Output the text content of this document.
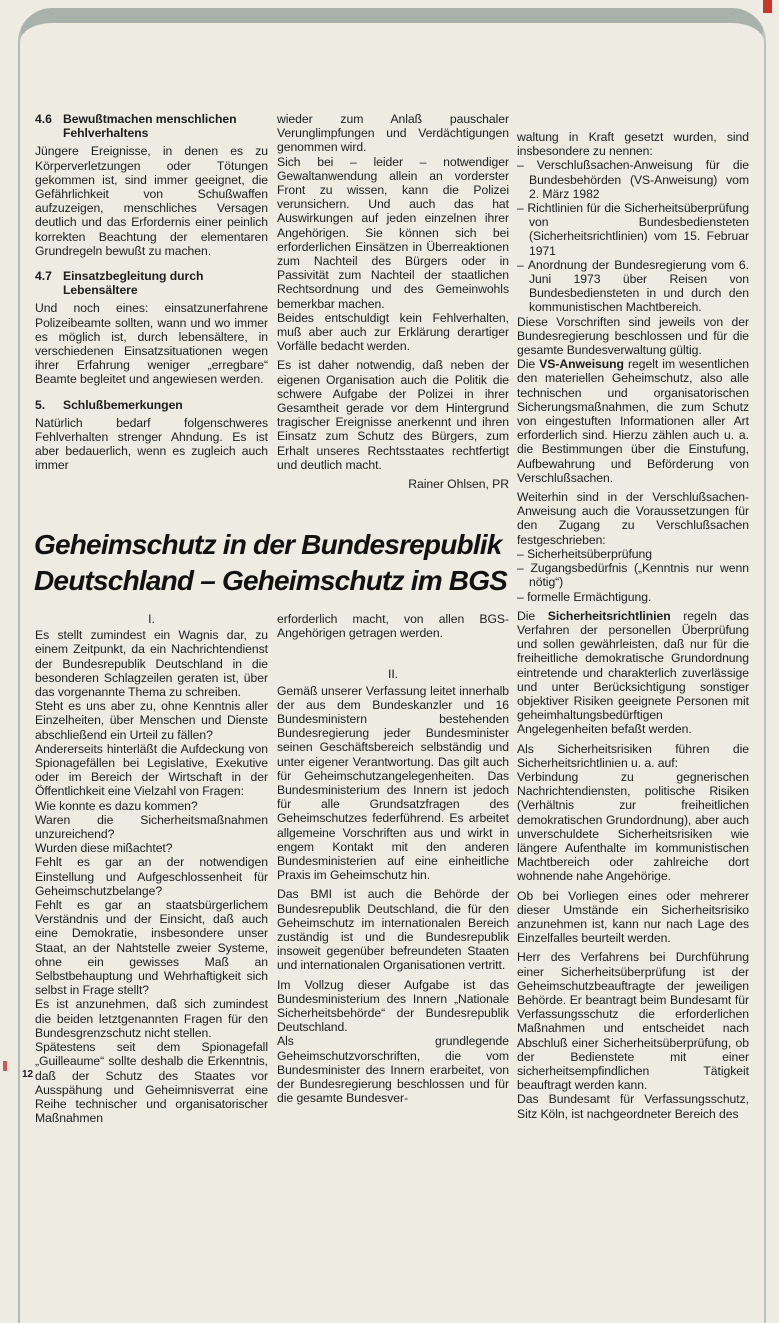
4.6 Bewußtmachen menschlichen Fehlverhaltens
Jüngere Ereignisse, in denen es zu Körperverletzungen oder Tötungen gekommen ist, sind immer geeignet, die Gefährlichkeit von Schußwaffen aufzuzeigen, menschliches Versagen deutlich und das Erfordernis einer peinlich korrekten Beachtung der elementaren Grundregeln bewußt zu machen.
4.7 Einsatzbegleitung durch Lebensältere
Und noch eines: einsatzunerfahrene Polizeibeamte sollten, wann und wo immer es möglich ist, durch lebensältere, in verschiedenen Einsatzsituationen wegen ihrer Erfahrung weniger „erregbare“ Beamte begleitet und angewiesen werden.
5. Schlußbemerkungen
Natürlich bedarf folgenschweres Fehlverhalten strenger Ahndung. Es ist aber bedauerlich, wenn es zugleich auch immer
wieder zum Anlaß pauschaler Verunglimpfungen und Verdächtigungen genommen wird.
Sich bei – leider – notwendiger Gewaltanwendung allein an vorderster Front zu wissen, kann die Polizei verunsichern. Und auch das hat Auswirkungen auf jeden einzelnen ihrer Angehörigen. Sie können sich bei erforderlichen Einsätzen in Überreaktionen zum Nachteil des Bürgers oder in Passivität zum Nachteil der staatlichen Rechtsordnung und des Gemeinwohls bemerkbar machen.
Beides entschuldigt kein Fehlverhalten, muß aber auch zur Erklärung derartiger Vorfälle bedacht werden.
Es ist daher notwendig, daß neben der eigenen Organisation auch die Politik die schwere Aufgabe der Polizei in ihrer Gesamtheit gerade vor dem Hintergrund tragischer Ereignisse anerkennt und ihren Einsatz zum Schutz des Bürgers, zum Erhalt unseres Rechtsstaates rechtfertigt und deutlich macht.
Rainer Ohlsen, PR
waltung in Kraft gesetzt wurden, sind insbesondere zu nennen:
– Verschlußsachen-Anweisung für die Bundesbehörden (VS-Anweisung) vom 2. März 1982
– Richtlinien für die Sicherheitsüberprüfung von Bundesbediensteten (Sicherheitsrichtlinien) vom 15. Februar 1971
– Anordnung der Bundesregierung vom 6. Juni 1973 über Reisen von Bundesbediensteten in und durch den kommunistischen Machtbereich.
Diese Vorschriften sind jeweils von der Bundesregierung beschlossen und für die gesamte Bundesverwaltung gültig.
Die VS-Anweisung regelt im wesentlichen den materiellen Geheimschutz, also alle technischen und organisatorischen Sicherungsmaßnahmen, die zum Schutz von eingestuften Informationen aller Art erforderlich sind. Hierzu zählen auch u. a. die Bestimmungen über die Einstufung, Aufbewahrung und Beförderung von Verschlußsachen.
Weiterhin sind in der Verschlußsachen-Anweisung auch die Voraussetzungen für den Zugang zu Verschlußsachen festgeschrieben:
– Sicherheitsüberprüfung
– Zugangsbedürfnis („Kenntnis nur wenn nötig“)
– formelle Ermächtigung.
Die Sicherheitsrichtlinien regeln das Verfahren der personellen Überprüfung und sollen gewährleisten, daß nur für die freiheitliche demokratische Grundordnung eintretende und charakterlich zuverlässige und unter Berücksichtigung sonstiger objektiver Risiken geeignete Personen mit geheimhaltungsbedürftigen Angelegenheiten befaßt werden.
Als Sicherheitsrisiken führen die Sicherheitsrichtlinien u. a. auf:
Verbindung zu gegnerischen Nachrichtendiensten, politische Risiken (Verhältnis zur freiheitlichen demokratischen Grundordnung), aber auch unverschuldete Sicherheitsrisiken wie längere Aufenthalte im kommunistischen Machtbereich oder zahlreiche dort wohnende nahe Angehörige.
Ob bei Vorliegen eines oder mehrerer dieser Umstände ein Sicherheitsrisiko anzunehmen ist, kann nur nach Lage des Einzelfalles beurteilt werden.
Herr des Verfahrens bei Durchführung einer Sicherheitsüberprüfung ist der Geheimschutzbeauftragte der jeweiligen Behörde. Er beantragt beim Bundesamt für Verfassungsschutz die erforderlichen Maßnahmen und entscheidet nach Abschluß einer Sicherheitsüberprüfung, ob der Bedienstete mit einer sicherheitsempfindlichen Tätigkeit beauftragt werden kann.
Das Bundesamt für Verfassungsschutz, Sitz Köln, ist nachgeordneter Bereich des
Geheimschutz in der Bundesrepublik
Deutschland – Geheimschutz im BGS
I.
Es stellt zumindest ein Wagnis dar, zu einem Zeitpunkt, da ein Nachrichtendienst der Bundesrepublik Deutschland in die besonderen Schlagzeilen geraten ist, über das vorgenannte Thema zu schreiben.
Steht es uns aber zu, ohne Kenntnis aller Einzelheiten, über Menschen und Dienste abschließend ein Urteil zu fällen?
Andererseits hinterläßt die Aufdeckung von Spionagefällen bei Legislative, Exekutive oder im Bereich der Wirtschaft in der Öffentlichkeit eine Vielzahl von Fragen:
Wie konnte es dazu kommen?
Waren die Sicherheitsmaßnahmen unzureichend?
Wurden diese mißachtet?
Fehlt es gar an der notwendigen Einstellung und Aufgeschlossenheit für Geheimschutzbelange?
Fehlt es gar an staatsbürgerlichem Verständnis und der Einsicht, daß auch eine Demokratie, insbesondere unser Staat, an der Nahtstelle zweier Systeme, ohne ein gewisses Maß an Selbstbehauptung und Wehrhaftigkeit sich selbst in Frage stellt?
Es ist anzunehmen, daß sich zumindest die beiden letztgenannten Fragen für den Bundesgrenzschutz nicht stellen.
Spätestens seit dem Spionagefall „Guilleaume“ sollte deshalb die Erkenntnis, daß der Schutz des Staates vor Ausspähung und Geheimnisverrat eine Reihe technischer und organisatorischer Maßnahmen
erforderlich macht, von allen BGS-Angehörigen getragen werden.
II.
Gemäß unserer Verfassung leitet innerhalb der aus dem Bundeskanzler und 16 Bundesministern bestehenden Bundesregierung jeder Bundesminister seinen Geschäftsbereich selbständig und unter eigener Verantwortung. Das gilt auch für Geheimschutzangelegenheiten. Das Bundesministerium des Innern ist jedoch für alle Grundsatzfragen des Geheimschutzes federführend. Es arbeitet allgemeine Vorschriften aus und wirkt in engem Kontakt mit den anderen Bundesministerien auf eine einheitliche Praxis im Geheimschutz hin.
Das BMI ist auch die Behörde der Bundesrepublik Deutschland, die für den Geheimschutz im internationalen Bereich zuständig ist und die Bundesrepublik insoweit gegenüber befreundeten Staaten und internationalen Organisationen vertritt.
Im Vollzug dieser Aufgabe ist das Bundesministerium des Innern „Nationale Sicherheitsbehörde“ der Bundesrepublik Deutschland.
Als grundlegende Geheimschutzvorschriften, die vom Bundesminister des Innern erarbeitet, von der Bundesregierung beschlossen und für die gesamte Bundesver-
12
